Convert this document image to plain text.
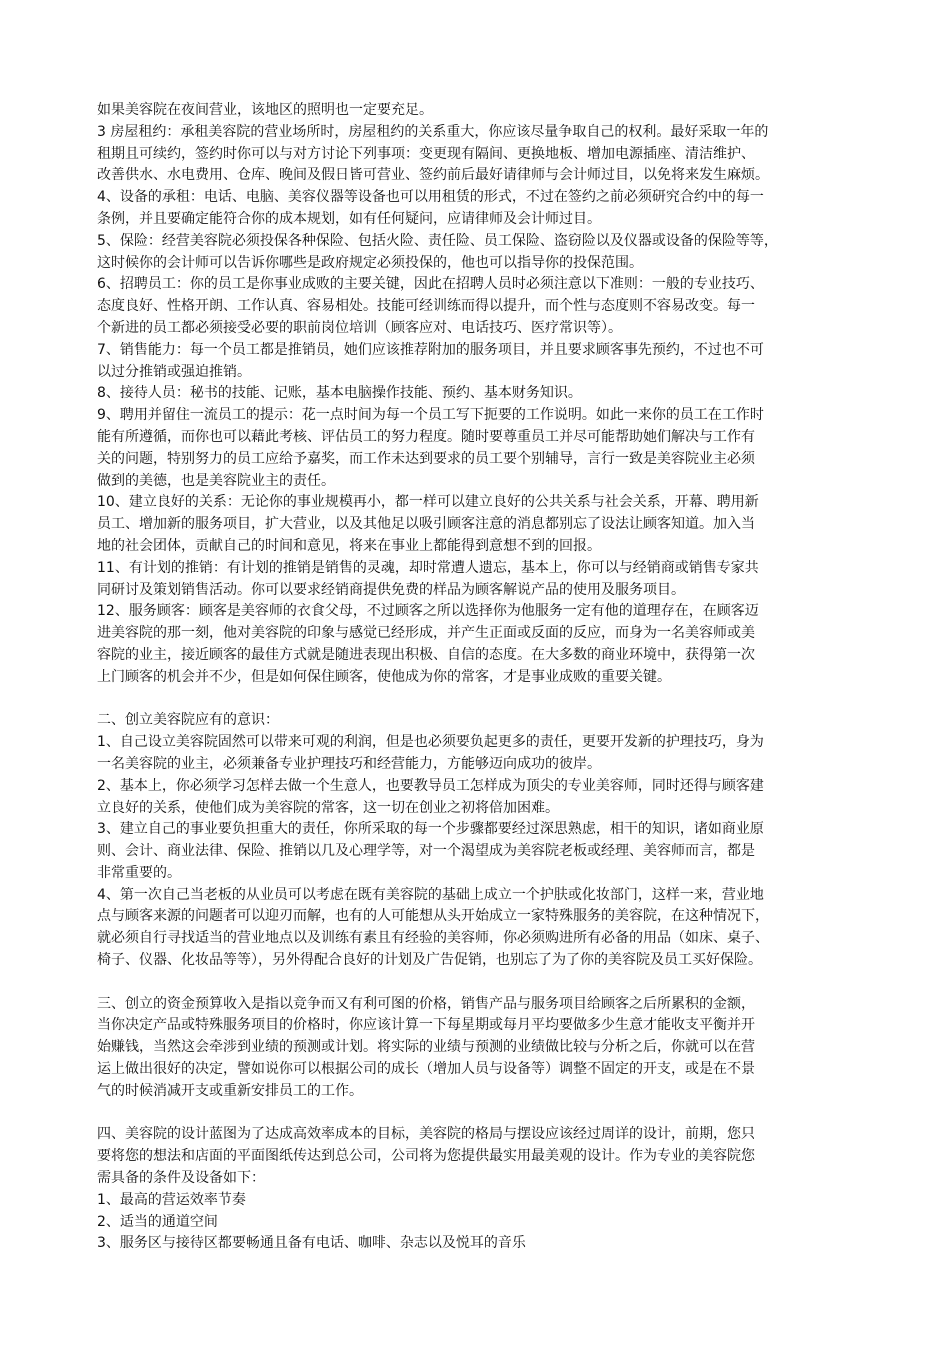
如果美容院在夜间营业，该地区的照明也一定要充足。
3 房屋租约：承租美容院的营业场所时，房屋租约的关系重大，你应该尽量争取自己的权利。最好采取一年的
租期且可续约，签约时你可以与对方讨论下列事项：变更现有隔间、更换地板、增加电源插座、清洁维护、
改善供水、水电费用、仓库、晚间及假日皆可营业、签约前后最好请律师与会计师过目，以免将来发生麻烦。
4、设备的承租：电话、电脑、美容仪器等设备也可以用租赁的形式，不过在签约之前必须研究合约中的每一
条例，并且要确定能符合你的成本规划，如有任何疑问，应请律师及会计师过目。
5、保险：经营美容院必须投保各种保险、包括火险、责任险、员工保险、盗窃险以及仪器或设备的保险等等，
这时候你的会计师可以告诉你哪些是政府规定必须投保的，他也可以指导你的投保范围。
6、招聘员工：你的员工是你事业成败的主要关键，因此在招聘人员时必须注意以下准则：一般的专业技巧、
态度良好、性格开朗、工作认真、容易相处。技能可经训练而得以提升，而个性与态度则不容易改变。每一
个新进的员工都必须接受必要的职前岗位培训（顾客应对、电话技巧、医疗常识等）。
7、销售能力：每一个员工都是推销员，她们应该推荐附加的服务项目，并且要求顾客事先预约，不过也不可
以过分推销或强迫推销。
8、接待人员：秘书的技能、记账，基本电脑操作技能、预约、基本财务知识。
9、聘用并留住一流员工的提示：花一点时间为每一个员工写下扼要的工作说明。如此一来你的员工在工作时
能有所遵循，而你也可以藉此考核、评估员工的努力程度。随时要尊重员工并尽可能帮助她们解决与工作有
关的问题，特别努力的员工应给予嘉奖，而工作未达到要求的员工要个别辅导，言行一致是美容院业主必须
做到的美德，也是美容院业主的责任。
10、建立良好的关系：无论你的事业规模再小，都一样可以建立良好的公共关系与社会关系，开幕、聘用新
员工、增加新的服务项目，扩大营业，以及其他足以吸引顾客注意的消息都别忘了设法让顾客知道。加入当
地的社会团体，贡献自己的时间和意见，将来在事业上都能得到意想不到的回报。
11、有计划的推销：有计划的推销是销售的灵魂，却时常遭人遗忘，基本上，你可以与经销商或销售专家共
同研讨及策划销售活动。你可以要求经销商提供免费的样品为顾客解说产品的使用及服务项目。
12、服务顾客：顾客是美容师的衣食父母，不过顾客之所以选择你为他服务一定有他的道理存在，在顾客迈
进美容院的那一刻，他对美容院的印象与感觉已经形成，并产生正面或反面的反应，而身为一名美容师或美
容院的业主，接近顾客的最佳方式就是随进表现出积极、自信的态度。在大多数的商业环境中，获得第一次
上门顾客的机会并不少，但是如何保住顾客，使他成为你的常客，才是事业成败的重要关键。
二、创立美容院应有的意识：
1、自己设立美容院固然可以带来可观的利润，但是也必须要负起更多的责任，更要开发新的护理技巧，身为
一名美容院的业主，必须兼备专业护理技巧和经营能力，方能够迈向成功的彼岸。
2、基本上，你必须学习怎样去做一个生意人，也要教导员工怎样成为顶尖的专业美容师，同时还得与顾客建
立良好的关系，使他们成为美容院的常客，这一切在创业之初将倍加困难。
3、建立自己的事业要负担重大的责任，你所采取的每一个步骤都要经过深思熟虑，相干的知识，诸如商业原
则、会计、商业法律、保险、推销以几及心理学等，对一个渴望成为美容院老板或经理、美容师而言，都是
非常重要的。
4、第一次自己当老板的从业员可以考虑在既有美容院的基础上成立一个护肤或化妆部门，这样一来，营业地
点与顾客来源的问题者可以迎刃而解，也有的人可能想从头开始成立一家特殊服务的美容院，在这种情况下，
就必须自行寻找适当的营业地点以及训练有素且有经验的美容师，你必须购进所有必备的用品（如床、桌子、
椅子、仪器、化妆品等等），另外得配合良好的计划及广告促销，也别忘了为了你的美容院及员工买好保险。
三、创立的资金预算收入是指以竞争而又有利可图的价格，销售产品与服务项目给顾客之后所累积的金额，
当你决定产品或特殊服务项目的价格时，你应该计算一下每星期或每月平均要做多少生意才能收支平衡并开
始赚钱，当然这会牵涉到业绩的预测或计划。将实际的业绩与预测的业绩做比较与分析之后，你就可以在营
运上做出很好的决定，譬如说你可以根据公司的成长（增加人员与设备等）调整不固定的开支，或是在不景
气的时候消减开支或重新安排员工的工作。
四、美容院的设计蓝图为了达成高效率成本的目标，美容院的格局与摆设应该经过周详的设计，前期，您只
要将您的想法和店面的平面图纸传达到总公司，公司将为您提供最实用最美观的设计。作为专业的美容院您
需具备的条件及设备如下：
1、最高的营运效率节奏
2、适当的通道空间
3、服务区与接待区都要畅通且备有电话、咖啡、杂志以及悦耳的音乐
